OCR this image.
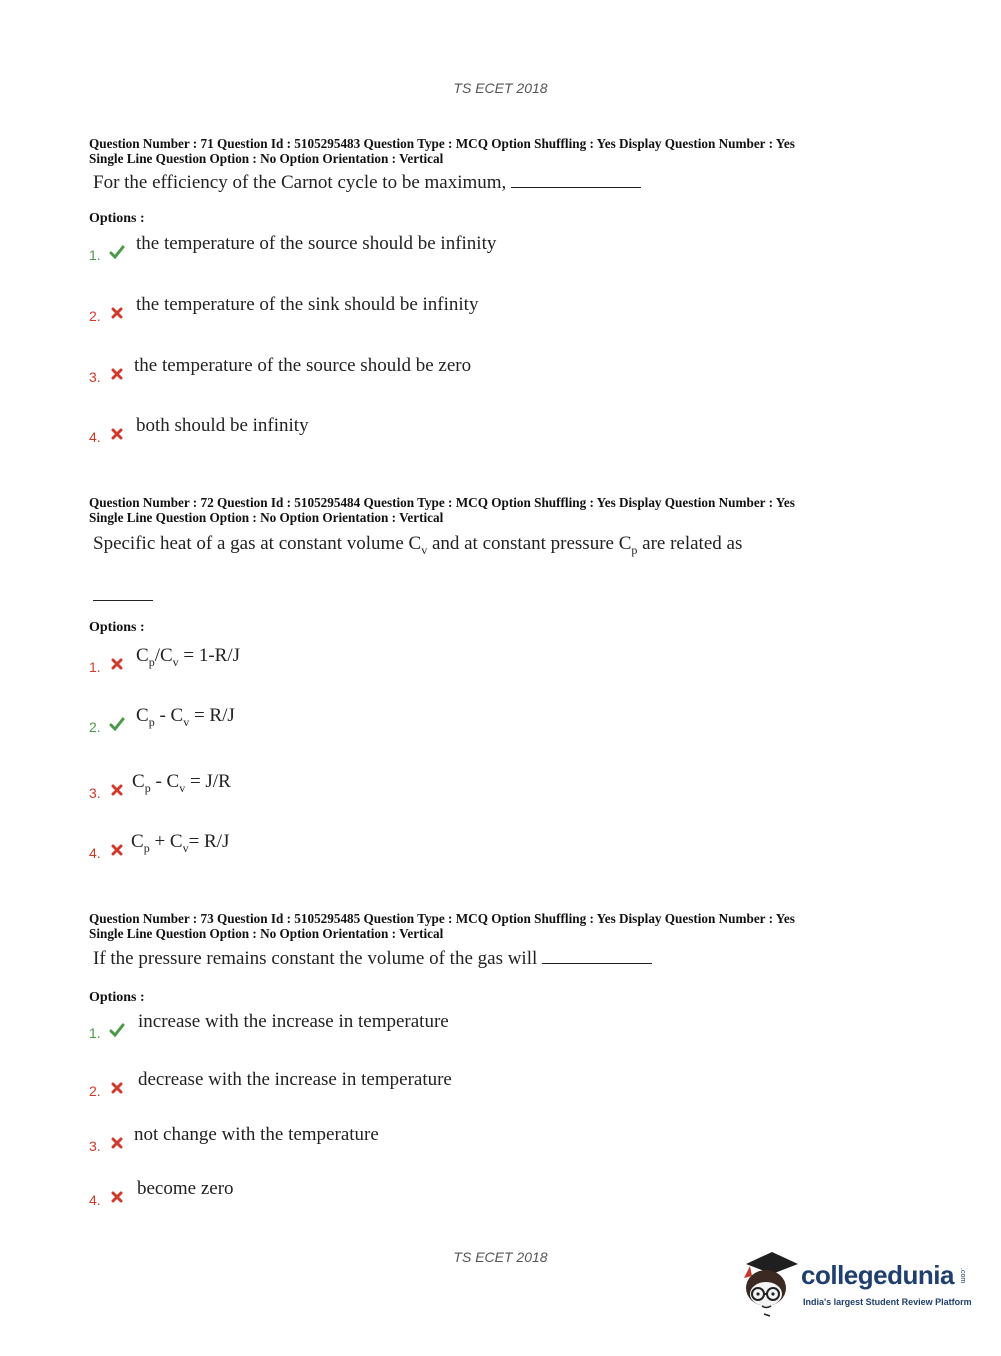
TS ECET 2018
Question Number : 71 Question Id : 5105295483 Question Type : MCQ Option Shuffling : Yes Display Question Number : Yes
Single Line Question Option : No Option Orientation : Vertical
For the efficiency of the Carnot cycle to be maximum,
Options :
1.
the temperature of the source should be infinity
2.
the temperature of the sink should be infinity
3.
the temperature of the source should be zero
4.
both should be infinity
Question Number : 72 Question Id : 5105295484 Question Type : MCQ Option Shuffling : Yes Display Question Number : Yes
Single Line Question Option : No Option Orientation : Vertical
Specific heat of a gas at constant volume $C_v$ and at constant pressure $C_p$ are related as
Options :
1.
$C_p/C_v = 1-R/J$
2.
$C_p - C_v = R/J$
3.
$C_p - C_v = J/R$
4.
$C_p + C_v= R/J$
Question Number : 73 Question Id : 5105295485 Question Type : MCQ Option Shuffling : Yes Display Question Number : Yes
Single Line Question Option : No Option Orientation : Vertical
If the pressure remains constant the volume of the gas will
Options :
1.
increase with the increase in temperature
2.
decrease with the increase in temperature
3.
not change with the temperature
4.
become zero
TS ECET 2018
collegedunia .com
India's largest Student Review Platform
